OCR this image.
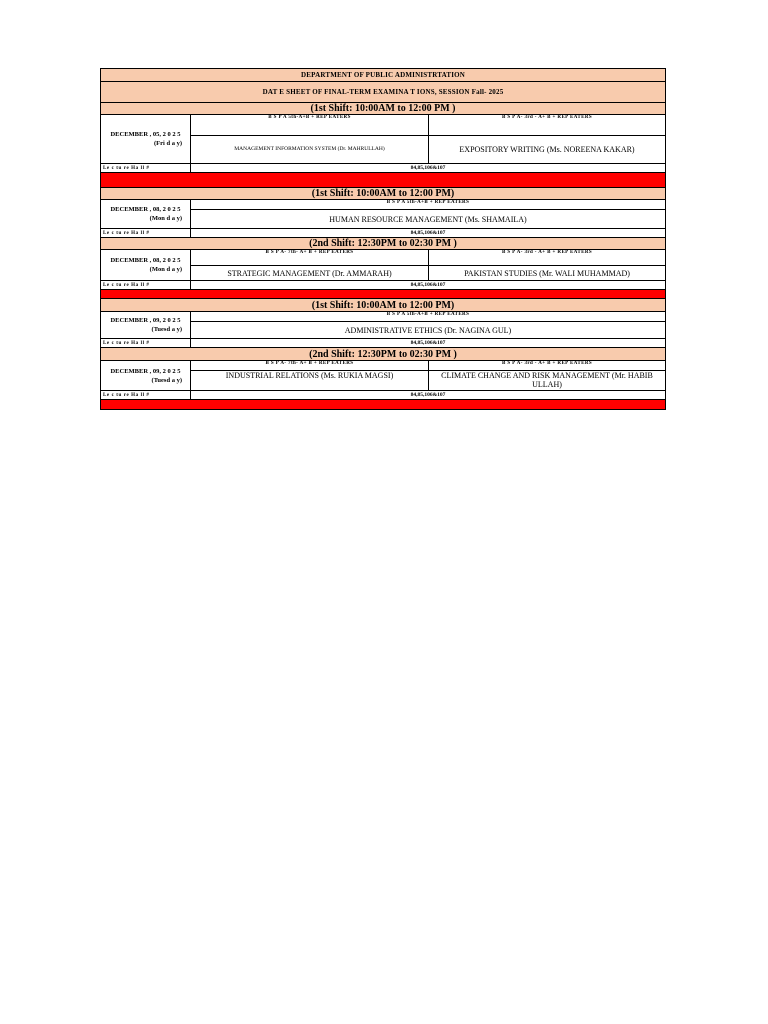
DEPARTMENT OF PUBLIC ADMINISTRTATION		
DAT E SHEET OF FINAL-TERM EXAMINA T IONS, SESSION Fall- 2025		
(1st Shift: 10:00AM to 12:00 PM )		

DECEMBER , 05, 2 0 2 5
(Fri d a y)	B S P A 5th-A+B + REP EATERS	B S P A- 3rd - A+ B + REP EATERS
	MANAGEMENT INFORMATION SYSTEM (Dr. MAHRULLAH)	EXPOSITORY WRITING (Ms. NOREENA KAKAR)
Le c tu re Ha ll #	84,85,106&107	

(1st Shift: 10:00AM to 12:00 PM)		

DECEMBER , 08, 2 0 2 5
(Mon d a y)	B S P A 5th-A+B + REP EATERS	
	HUMAN RESOURCE MANAGEMENT (Ms. SHAMAILA)	
Le c tu re Ha ll #	84,85,106&107	
(2nd Shift: 12:30PM to 02:30 PM )		

DECEMBER , 08, 2 0 2 5
(Mon d a y)	B S P A- 7th- A+ B + REP EATERS	B S P A- 3rd - A+ B + REP EATERS
	STRATEGIC MANAGEMENT (Dr. AMMARAH)	PAKISTAN STUDIES (Mr. WALI MUHAMMAD)
Le c tu re Ha ll #	84,85,106&107	

(1st Shift: 10:00AM to 12:00 PM)		

DECEMBER , 09, 2 0 2 5
(Tuesd a y)	B S P A 5th-A+B + REP EATERS	
	ADMINISTRATIVE ETHICS (Dr. NAGINA GUL)	
Le c tu re Ha ll #	84,85,106&107	
(2nd Shift: 12:30PM to 02:30 PM )		

DECEMBER , 09, 2 0 2 5
(Tuesd a y)	B S P A- 7th- A+ B + REP EATERS	B S P A- 3rd - A+ B + REP EATERS
	INDUSTRIAL RELATIONS (Ms. RUKIA MAGSI)	CLIMATE CHANGE AND RISK MANAGEMENT (Mr. HABIB ULLAH)
Le c tu re Ha ll #	84,85,106&107	
